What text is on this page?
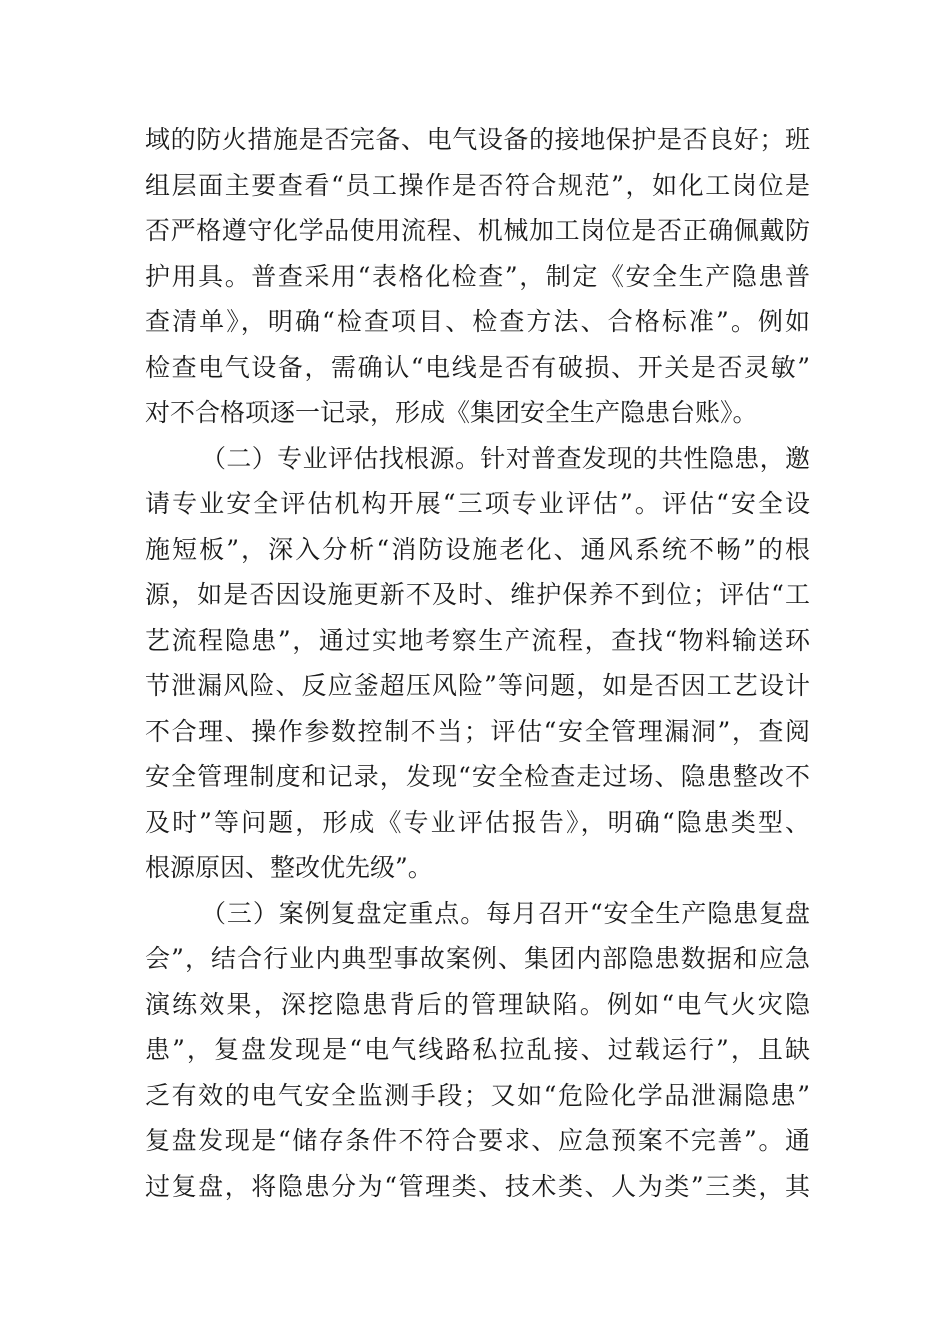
域的防火措施是否完备、电气设备的接地保护是否良好；班
组层面主要查看“员工操作是否符合规范”，如化工岗位是
否严格遵守化学品使用流程、机械加工岗位是否正确佩戴防
护用具。普查采用“表格化检查”，制定《安全生产隐患普
查清单》，明确“检查项目、检查方法、合格标准”。例如
检查电气设备，需确认“电线是否有破损、开关是否灵敏”
对不合格项逐一记录，形成《集团安全生产隐患台账》。
（二）专业评估找根源。针对普查发现的共性隐患，邀
请专业安全评估机构开展“三项专业评估”。评估“安全设
施短板”，深入分析“消防设施老化、通风系统不畅”的根
源，如是否因设施更新不及时、维护保养不到位；评估“工
艺流程隐患”，通过实地考察生产流程，查找“物料输送环
节泄漏风险、反应釜超压风险”等问题，如是否因工艺设计
不合理、操作参数控制不当；评估“安全管理漏洞”，查阅
安全管理制度和记录，发现“安全检查走过场、隐患整改不
及时”等问题，形成《专业评估报告》，明确“隐患类型、
根源原因、整改优先级”。
（三）案例复盘定重点。每月召开“安全生产隐患复盘
会”，结合行业内典型事故案例、集团内部隐患数据和应急
演练效果，深挖隐患背后的管理缺陷。例如“电气火灾隐
患”，复盘发现是“电气线路私拉乱接、过载运行”，且缺
乏有效的电气安全监测手段；又如“危险化学品泄漏隐患”
复盘发现是“储存条件不符合要求、应急预案不完善”。通
过复盘，将隐患分为“管理类、技术类、人为类”三类，其
